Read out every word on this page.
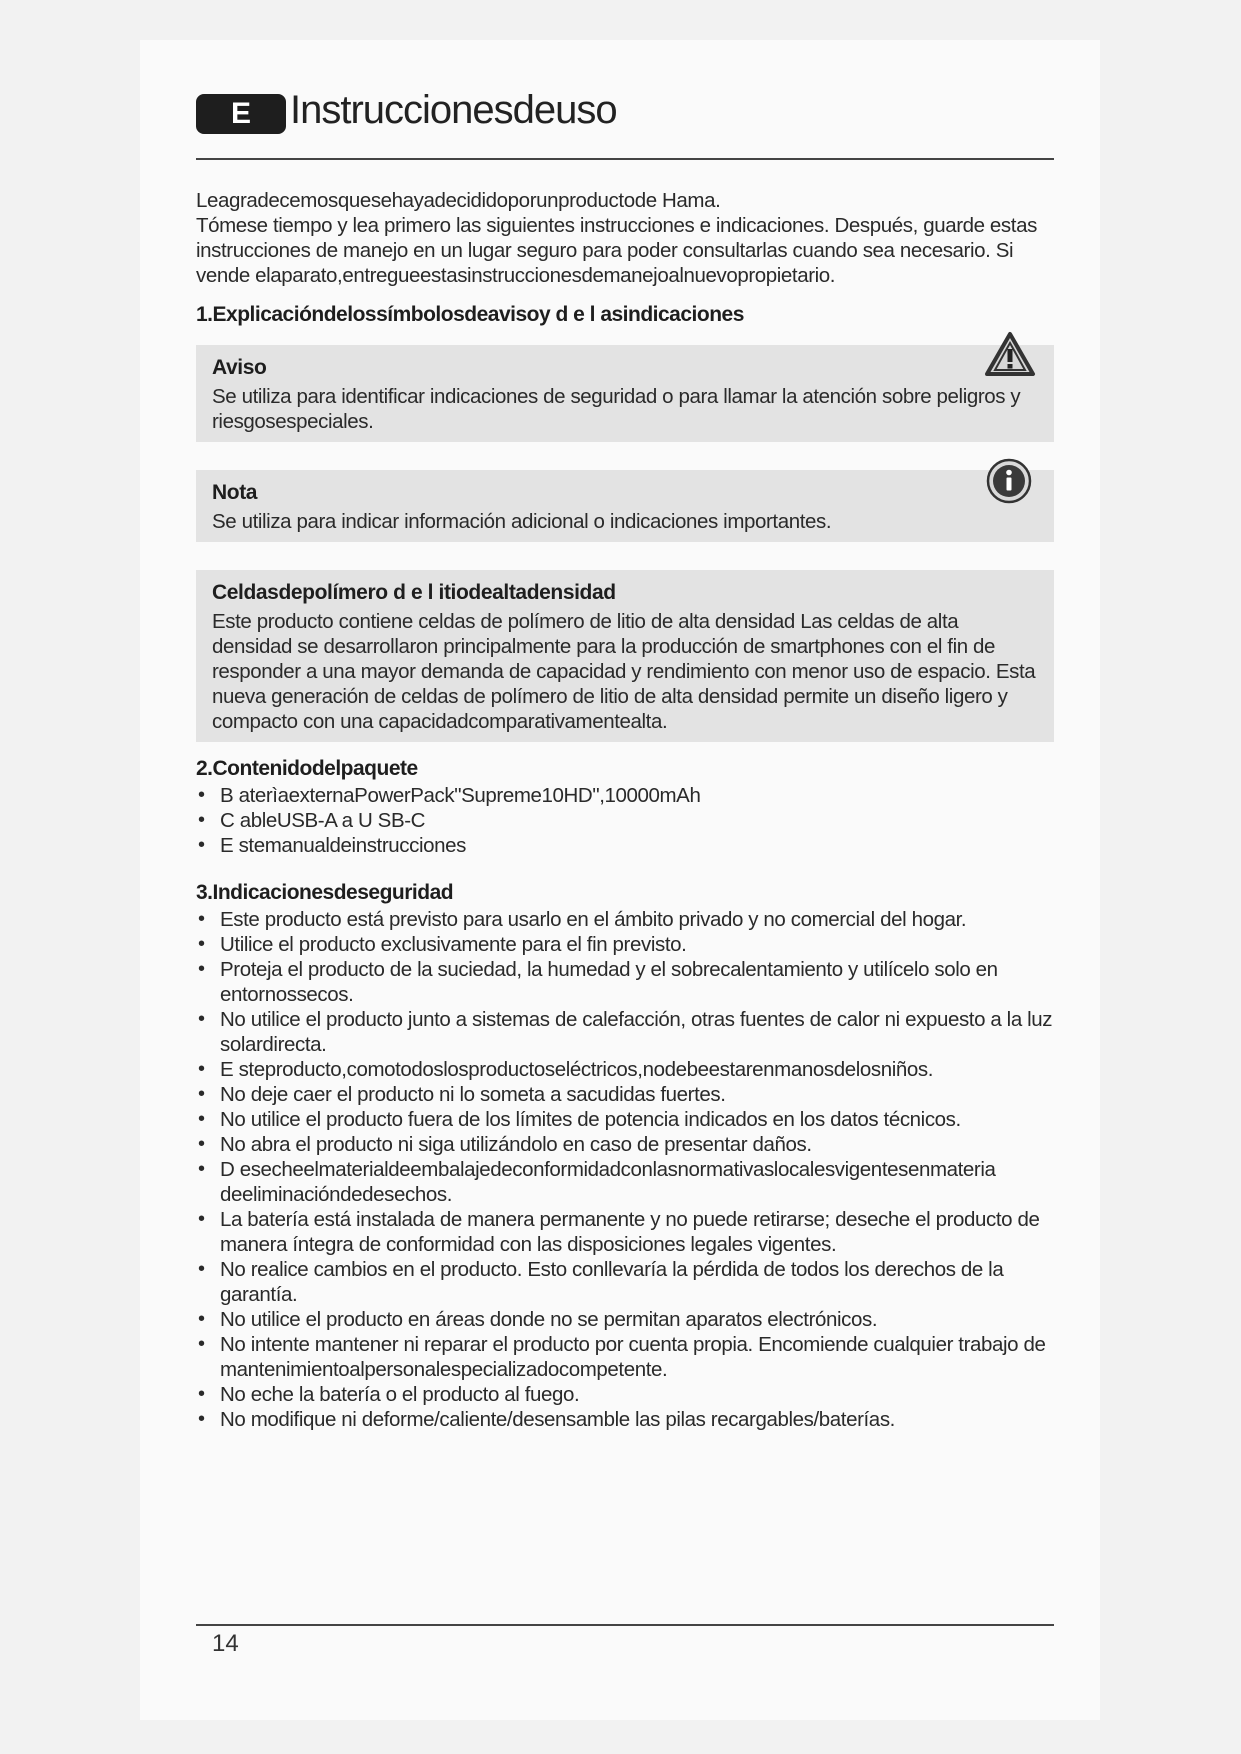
E Instruccionesdeuso

Leagradecemosquesehayadecididoporunproductode Hama.

Tómese tiempo y lea primero las siguientes instrucciones e indicaciones. Después, guarde estas instrucciones de manejo en un lugar seguro para poder consultarlas cuando sea necesario. Si vende elaparato,entregueestasinstruccionesdemanejoalnuevopropietario.

1.Explicacióndelossímbolosdeavisoy d e l asindicaciones
Aviso

Se utiliza para identificar indicaciones de seguridad o para llamar la atención sobre peligros y riesgosespeciales.

Nota

Se utiliza para indicar información adicional o indicaciones importantes.

Celdasdepolímero d e l itiodealtadensidad

Este producto contiene celdas de polímero de litio de alta densidad Las celdas de alta densidad se desarrollaron principalmente para la producción de smartphones con el fin de responder a una mayor demanda de capacidad y rendimiento con menor uso de espacio. Esta nueva generación de celdas de polímero de litio de alta densidad permite un diseño ligero y compacto con una capacidadcomparativamentealta.

2.Contenidodelpaquete
• B aterìaexternaPowerPack"Supreme10HD",10000mAh
• C ableUSB-A a U SB-C
• E stemanualdeinstrucciones
3.Indicacionesdeseguridad
• Este producto está previsto para usarlo en el ámbito privado y no comercial del hogar.
• Utilice el producto exclusivamente para el fin previsto.
• Proteja el producto de la suciedad, la humedad y el sobrecalentamiento y utilícelo solo en entornossecos.
• No utilice el producto junto a sistemas de calefacción, otras fuentes de calor ni expuesto a la luz solardirecta.
• E steproducto,comotodoslosproductoseléctricos,nodebeestarenmanosdelosniños.
• No deje caer el producto ni lo someta a sacudidas fuertes.
• No utilice el producto fuera de los límites de potencia indicados en los datos técnicos.
• No abra el producto ni siga utilizándolo en caso de presentar daños.
• D esecheelmaterialdeembalajedeconformidadconlasnormativaslocalesvigentesenmateria deeliminacióndedesechos.
• La batería está instalada de manera permanente y no puede retirarse; deseche el producto de manera íntegra de conformidad con las disposiciones legales vigentes.
• No realice cambios en el producto. Esto conllevaría la pérdida de todos los derechos de la garantía.
• No utilice el producto en áreas donde no se permitan aparatos electrónicos.
• No intente mantener ni reparar el producto por cuenta propia. Encomiende cualquier trabajo de mantenimientoalpersonalespecializadocompetente.
• No eche la batería o el producto al fuego.
• No modifique ni deforme/caliente/desensamble las pilas recargables/baterías.
14
